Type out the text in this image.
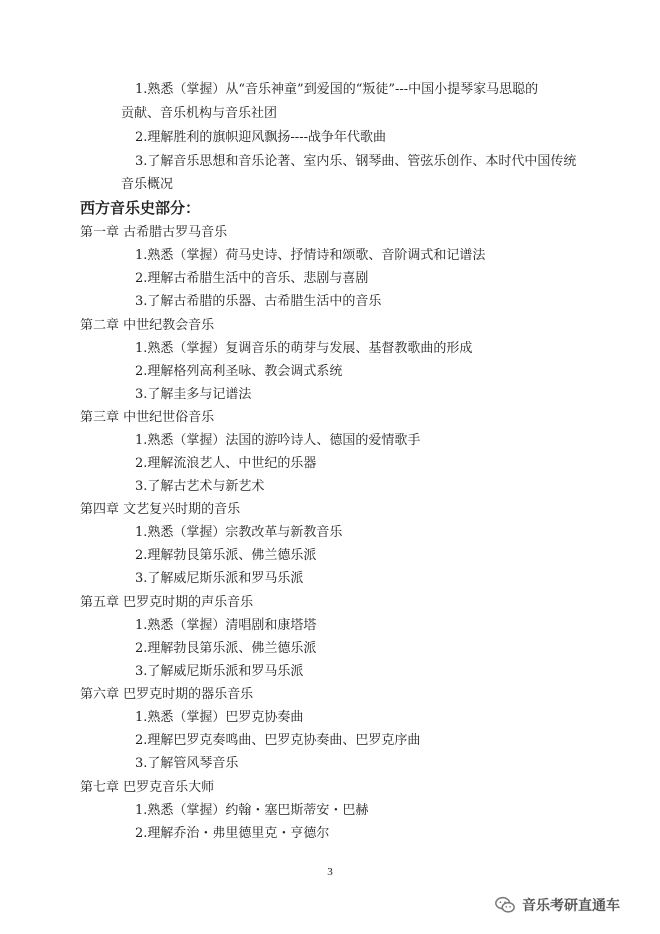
1.熟悉（掌握）从“音乐神童”到爱国的“叛徒”---中国小提琴家马思聪的
贡献、音乐机构与音乐社团
2.理解胜利的旗帜迎风飘扬----战争年代歌曲
3.了解音乐思想和音乐论著、室内乐、钢琴曲、管弦乐创作、本时代中国传统
音乐概况
西方音乐史部分：
第一章 古希腊古罗马音乐
1.熟悉（掌握）荷马史诗、抒情诗和颂歌、音阶调式和记谱法
2.理解古希腊生活中的音乐、悲剧与喜剧
3.了解古希腊的乐器、古希腊生活中的音乐
第二章 中世纪教会音乐
1.熟悉（掌握）复调音乐的萌芽与发展、基督教歌曲的形成
2.理解格列高利圣咏、教会调式系统
3.了解圭多与记谱法
第三章 中世纪世俗音乐
1.熟悉（掌握）法国的游吟诗人、德国的爱情歌手
2.理解流浪艺人、中世纪的乐器
3.了解古艺术与新艺术
第四章 文艺复兴时期的音乐
1.熟悉（掌握）宗教改革与新教音乐
2.理解勃艮第乐派、佛兰德乐派
3.了解威尼斯乐派和罗马乐派
第五章 巴罗克时期的声乐音乐
1.熟悉（掌握）清唱剧和康塔塔
2.理解勃艮第乐派、佛兰德乐派
3.了解威尼斯乐派和罗马乐派
第六章 巴罗克时期的器乐音乐
1.熟悉（掌握）巴罗克协奏曲
2.理解巴罗克奏鸣曲、巴罗克协奏曲、巴罗克序曲
3.了解管风琴音乐
第七章 巴罗克音乐大师
1.熟悉（掌握）约翰・塞巴斯蒂安・巴赫
2.理解乔治・弗里德里克・亨德尔
3
音乐考研直通车
